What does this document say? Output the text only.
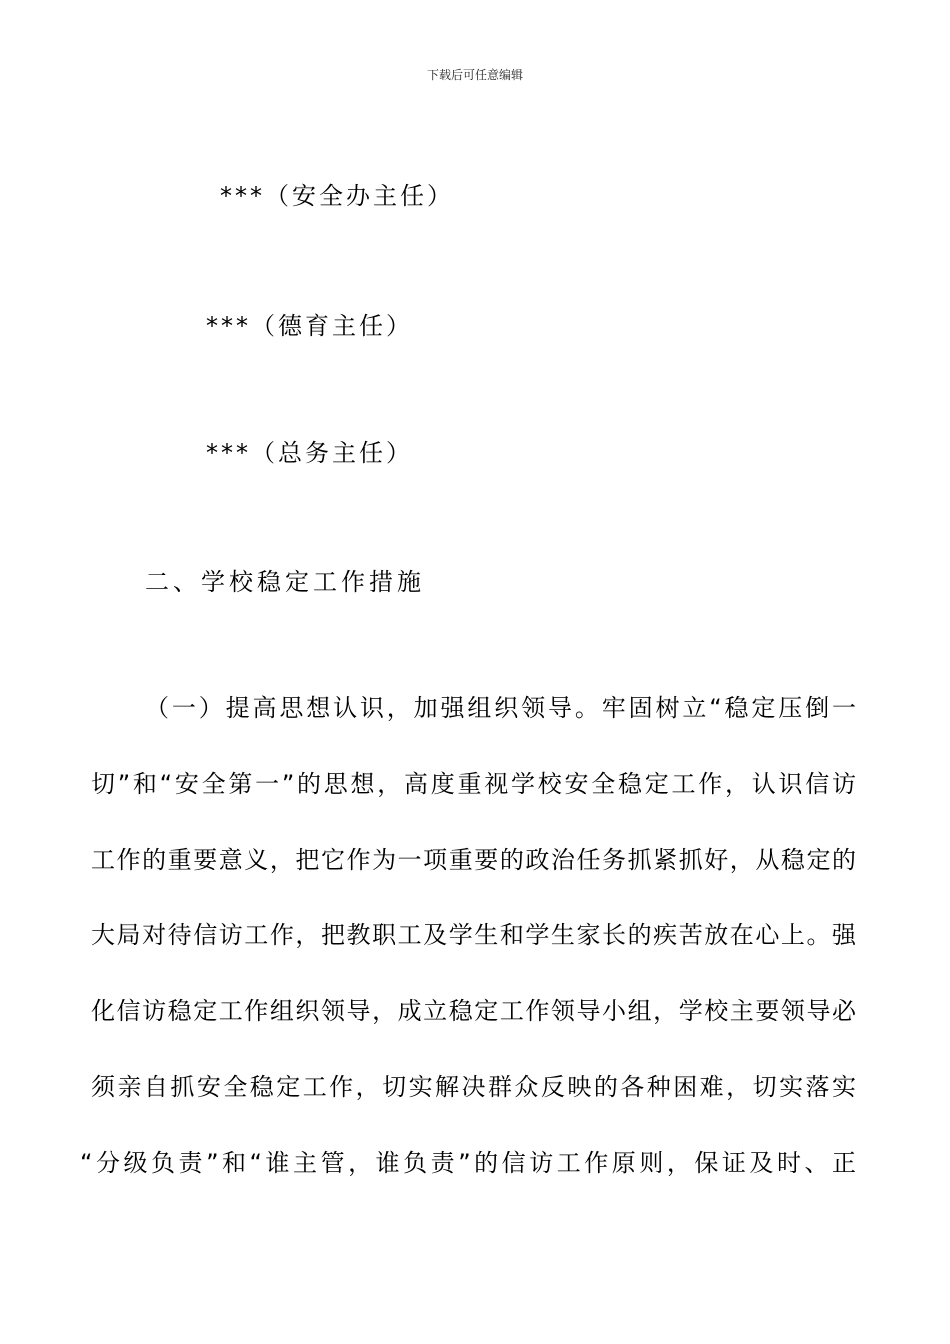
下载后可任意编辑
***（安全办主任）
***（德育主任）
***（总务主任）
二、学校稳定工作措施
（一）提高思想认识，加强组织领导。牢固树立“稳定压倒一
切”和“安全第一”的思想，高度重视学校安全稳定工作，认识信访
工作的重要意义，把它作为一项重要的政治任务抓紧抓好，从稳定的
大局对待信访工作，把教职工及学生和学生家长的疾苦放在心上。强
化信访稳定工作组织领导，成立稳定工作领导小组，学校主要领导必
须亲自抓安全稳定工作，切实解决群众反映的各种困难，切实落实
“分级负责”和“谁主管，谁负责”的信访工作原则，保证及时、正
